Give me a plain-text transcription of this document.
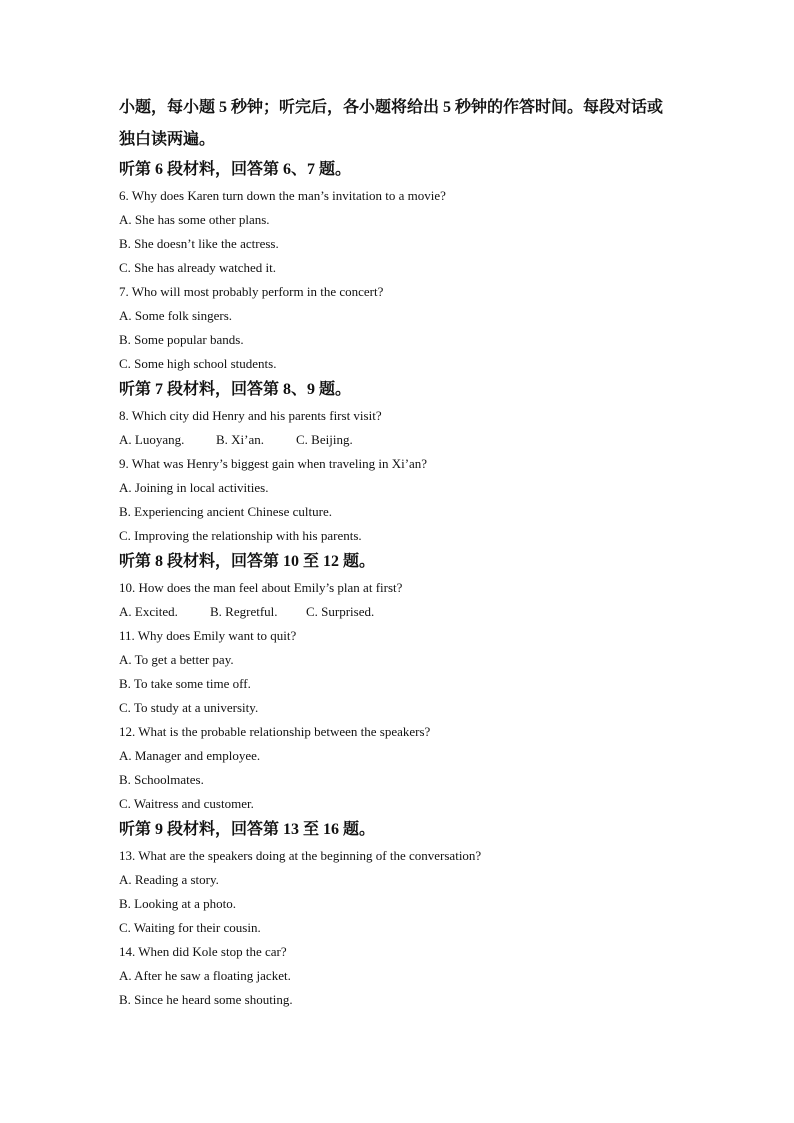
小题，每小题 5 秒钟；听完后，各小题将给出 5 秒钟的作答时间。每段对话或

独白读两遍。

听第 6 段材料，回答第 6、7 题。

6. Why does Karen turn down the man’s invitation to a movie?

A. She has some other plans.

B. She doesn’t like the actress.

C. She has already watched it.

7. Who will most probably perform in the concert?

A. Some folk singers.

B. Some popular bands.

C. Some high school students.

听第 7 段材料，回答第 8、9 题。

8. Which city did Henry and his parents first visit?

A. Luoyang. B. Xi’an. C. Beijing.

9. What was Henry’s biggest gain when traveling in Xi’an?

A. Joining in local activities.

B. Experiencing ancient Chinese culture.

C. Improving the relationship with his parents.

听第 8 段材料，回答第 10 至 12 题。

10. How does the man feel about Emily’s plan at first?

A. Excited. B. Regretful. C. Surprised.

11. Why does Emily want to quit?

A. To get a better pay.

B. To take some time off.

C. To study at a university.

12. What is the probable relationship between the speakers?

A. Manager and employee.

B. Schoolmates.

C. Waitress and customer.

听第 9 段材料，回答第 13 至 16 题。

13. What are the speakers doing at the beginning of the conversation?

A. Reading a story.

B. Looking at a photo.

C. Waiting for their cousin.

14. When did Kole stop the car?

A. After he saw a floating jacket.

B. Since he heard some shouting.
